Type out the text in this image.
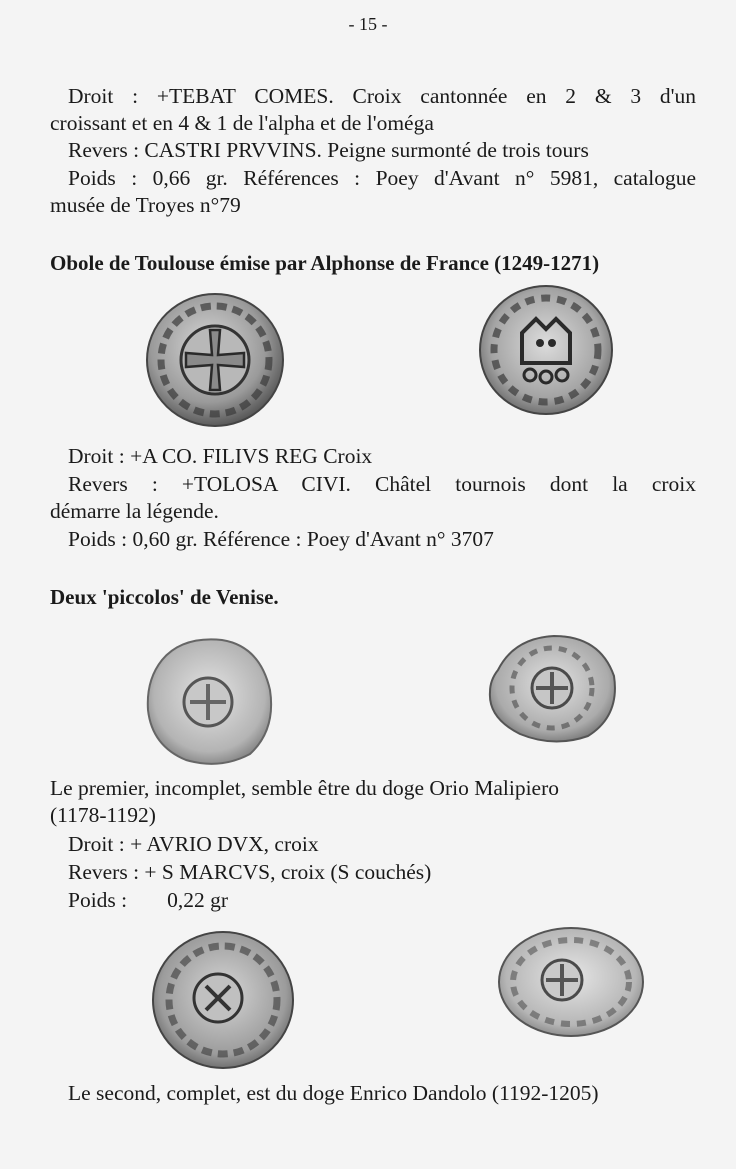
- 15 -

Droit : +TEBAT COMES. Croix cantonnée en 2 & 3 d'un

croissant et en 4 & 1 de l'alpha et de l'oméga

Revers : CASTRI PRVVINS. Peigne surmonté de trois tours

Poids : 0,66 gr. Références : Poey d'Avant n° 5981, catalogue

musée de Troyes n°79

Obole de Toulouse émise par Alphonse de France (1249-1271)

Droit : +A CO. FILIVS REG Croix

Revers : +TOLOSA CIVI. Châtel tournois dont la croix

démarre la légende.

Poids : 0,60 gr. Référence : Poey d'Avant n° 3707

Deux 'piccolos' de Venise.

Le premier, incomplet, semble être du doge Orio Malipiero

(1178-1192)

Droit : + AVRIO DVX, croix

Revers : + S MARCVS, croix (S couchés)

Poids : 0,22 gr

Le second, complet, est du doge Enrico Dandolo (1192-1205)
